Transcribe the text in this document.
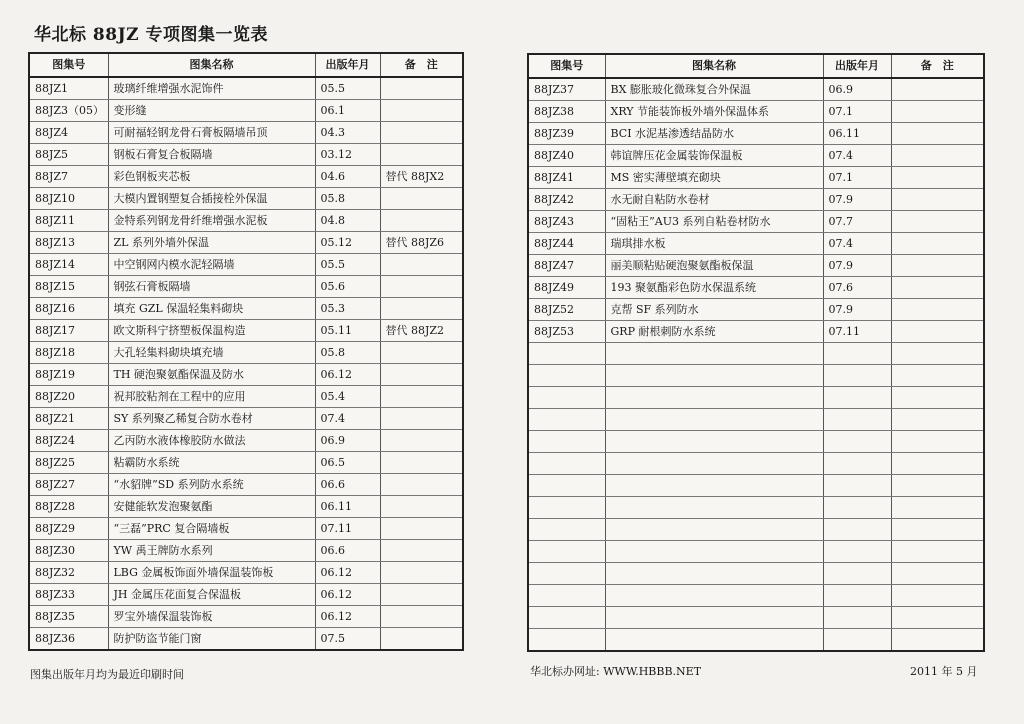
华北标 88JZ 专项图集一览表
图集号	图集名称	出版年月	备　注
88JZ1	玻璃纤维增强水泥饰件	05.5	
88JZ3（05）	变形缝	06.1	
88JZ4	可耐福轻钢龙骨石膏板隔墙吊顶	04.3	
88JZ5	钢板石膏复合板隔墙	03.12	
88JZ7	彩色钢板夹芯板	04.6	替代 88JX2
88JZ10	大模内置钢塑复合插接栓外保温	05.8	
88JZ11	金特系列钢龙骨纤维增强水泥板	04.8	
88JZ13	ZL 系列外墙外保温	05.12	替代 88JZ6
88JZ14	中空钢网内模水泥轻隔墙	05.5	
88JZ15	钢弦石膏板隔墙	05.6	
88JZ16	填充 GZL 保温轻集料砌块	05.3	
88JZ17	欧文斯科宁挤塑板保温构造	05.11	替代 88JZ2
88JZ18	大孔轻集料砌块填充墙	05.8	
88JZ19	TH 硬泡聚氨酯保温及防水	06.12	
88JZ20	祝邦胶粘剂在工程中的应用	05.4	
88JZ21	SY 系列聚乙稀复合防水卷材	07.4	
88JZ24	乙丙防水液体橡胶防水做法	06.9	
88JZ25	粘霸防水系统	06.5	
88JZ27	“水貂牌”SD 系列防水系统	06.6	
88JZ28	安健能软发泡聚氨酯	06.11	
88JZ29	“三磊”PRC 复合隔墙板	07.11	
88JZ30	YW 禹王牌防水系列	06.6	
88JZ32	LBG 金属板饰面外墙保温装饰板	06.12	
88JZ33	JH 金属压花面复合保温板	06.12	
88JZ35	罗宝外墙保温装饰板	06.12	
88JZ36	防护防盗节能门窗	07.5	
图集号	图集名称	出版年月	备　注
88JZ37	BX 膨胀玻化微珠复合外保温	06.9	
88JZ38	XRY 节能装饰板外墙外保温体系	07.1	
88JZ39	BCI 水泥基渗透结晶防水	06.11	
88JZ40	韩谊牌压花金属装饰保温板	07.4	
88JZ41	MS 密实薄壁填充砌块	07.1	
88JZ42	水无耐自粘防水卷材	07.9	
88JZ43	“固粘王”AU3 系列自粘卷材防水	07.7	
88JZ44	瑞琪排水板	07.4	
88JZ47	丽美顺粘贴硬泡聚氨酯板保温	07.9	
88JZ49	193 聚氨酯彩色防水保温系统	07.6	
88JZ52	克帮 SF 系列防水	07.9	
88JZ53	GRP 耐根刺防水系统	07.11	

图集出版年月均为最近印刷时间	华北标办网址: WWW.HBBB.NET	2011 年 5 月
